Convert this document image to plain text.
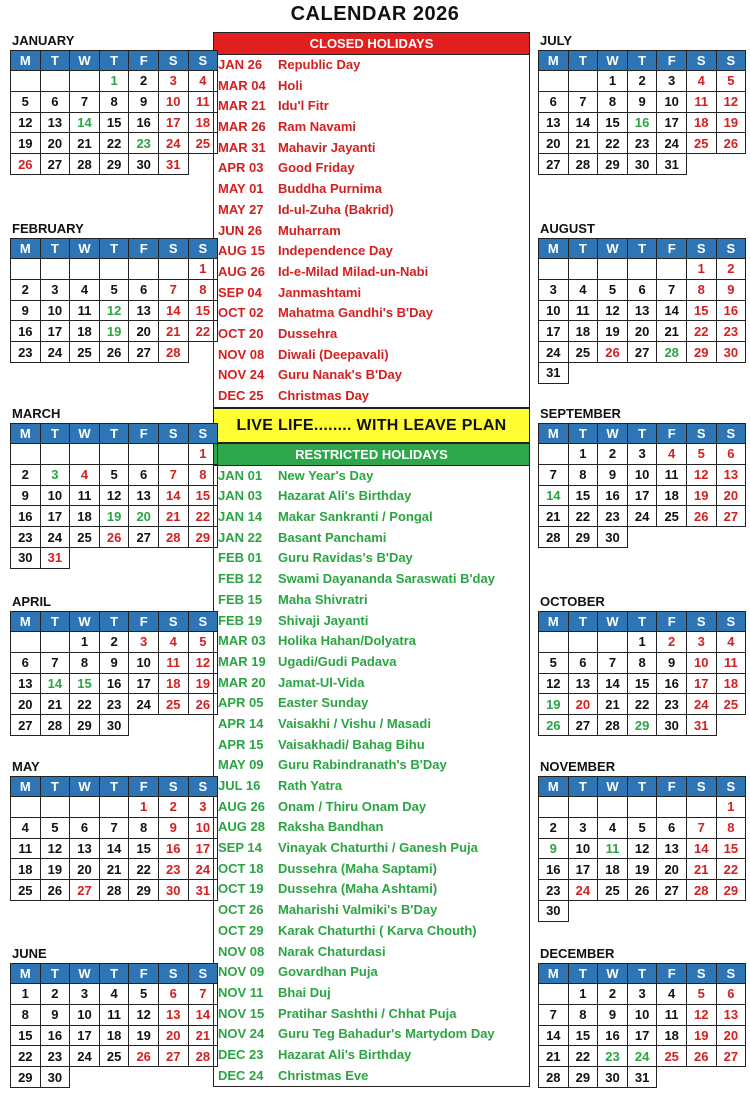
CALENDAR 2026
CLOSED HOLIDAYS
JAN 26 Republic Day
MAR 04 Holi
MAR 21 Idu'l Fitr
MAR 26 Ram Navami
MAR 31 Mahavir Jayanti
APR 03 Good Friday
MAY 01 Buddha Purnima
MAY 27 Id-ul-Zuha (Bakrid)
JUN 26 Muharram
AUG 15 Independence Day
AUG 26 Id-e-Milad Milad-un-Nabi
SEP 04 Janmashtami
OCT 02 Mahatma Gandhi's B'Day
OCT 20 Dussehra
NOV 08 Diwali (Deepavali)
NOV 24 Guru Nanak's B'Day
DEC 25 Christmas Day
LIVE LIFE........ WITH LEAVE PLAN
RESTRICTED HOLIDAYS
JAN 01 New Year's Day
JAN 03 Hazarat Ali's Birthday
JAN 14 Makar Sankranti / Pongal
JAN 22 Basant Panchami
FEB 01 Guru Ravidas's B'Day
FEB 12 Swami Dayananda Saraswati B'day
FEB 15 Maha Shivratri
FEB 19 Shivaji Jayanti
MAR 03 Holika Hahan/Dolyatra
MAR 19 Ugadi/Gudi Padava
MAR 20 Jamat-Ul-Vida
APR 05 Easter Sunday
APR 14 Vaisakhi / Vishu / Masadi
APR 15 Vaisakhadi/ Bahag Bihu
MAY 09 Guru Rabindranath's B'Day
JUL 16 Rath Yatra
AUG 26 Onam / Thiru Onam Day
AUG 28 Raksha Bandhan
SEP 14 Vinayak Chaturthi / Ganesh Puja
OCT 18 Dussehra (Maha Saptami)
OCT 19 Dussehra (Maha Ashtami)
OCT 26 Maharishi Valmiki's B'Day
OCT 29 Karak Chaturthi ( Karva Chouth)
NOV 08 Narak Chaturdasi
NOV 09 Govardhan Puja
NOV 11 Bhai Duj
NOV 15 Pratihar Sashthi / Chhat Puja
NOV 24 Guru Teg Bahadur's Martydom Day
DEC 23 Hazarat Ali's Birthday
DEC 24 Christmas Eve
JANUARY
M	T	W	T	F	S	S
			1	2	3	4
5	6	7	8	9	10	11
12	13	14	15	16	17	18
19	20	21	22	23	24	25
26	27	28	29	30	31	
FEBRUARY
M	T	W	T	F	S	S
						1
2	3	4	5	6	7	8
9	10	11	12	13	14	15
16	17	18	19	20	21	22
23	24	25	26	27	28	
MARCH
M	T	W	T	F	S	S
						1
2	3	4	5	6	7	8
9	10	11	12	13	14	15
16	17	18	19	20	21	22
23	24	25	26	27	28	29
30	31					
APRIL
M	T	W	T	F	S	S
		1	2	3	4	5
6	7	8	9	10	11	12
13	14	15	16	17	18	19
20	21	22	23	24	25	26
27	28	29	30			
MAY
M	T	W	T	F	S	S
				1	2	3
4	5	6	7	8	9	10
11	12	13	14	15	16	17
18	19	20	21	22	23	24
25	26	27	28	29	30	31
JUNE
M	T	W	T	F	S	S
1	2	3	4	5	6	7
8	9	10	11	12	13	14
15	16	17	18	19	20	21
22	23	24	25	26	27	28
29	30					
JULY
M	T	W	T	F	S	S
		1	2	3	4	5
6	7	8	9	10	11	12
13	14	15	16	17	18	19
20	21	22	23	24	25	26
27	28	29	30	31		
AUGUST
M	T	W	T	F	S	S
					1	2
3	4	5	6	7	8	9
10	11	12	13	14	15	16
17	18	19	20	21	22	23
24	25	26	27	28	29	30
31						
SEPTEMBER
M	T	W	T	F	S	S
	1	2	3	4	5	6
7	8	9	10	11	12	13
14	15	16	17	18	19	20
21	22	23	24	25	26	27
28	29	30				
OCTOBER
M	T	W	T	F	S	S
			1	2	3	4
5	6	7	8	9	10	11
12	13	14	15	16	17	18
19	20	21	22	23	24	25
26	27	28	29	30	31	
NOVEMBER
M	T	W	T	F	S	S
						1
2	3	4	5	6	7	8
9	10	11	12	13	14	15
16	17	18	19	20	21	22
23	24	25	26	27	28	29
30						
DECEMBER
M	T	W	T	F	S	S
	1	2	3	4	5	6
7	8	9	10	11	12	13
14	15	16	17	18	19	20
21	22	23	24	25	26	27
28	29	30	31			
